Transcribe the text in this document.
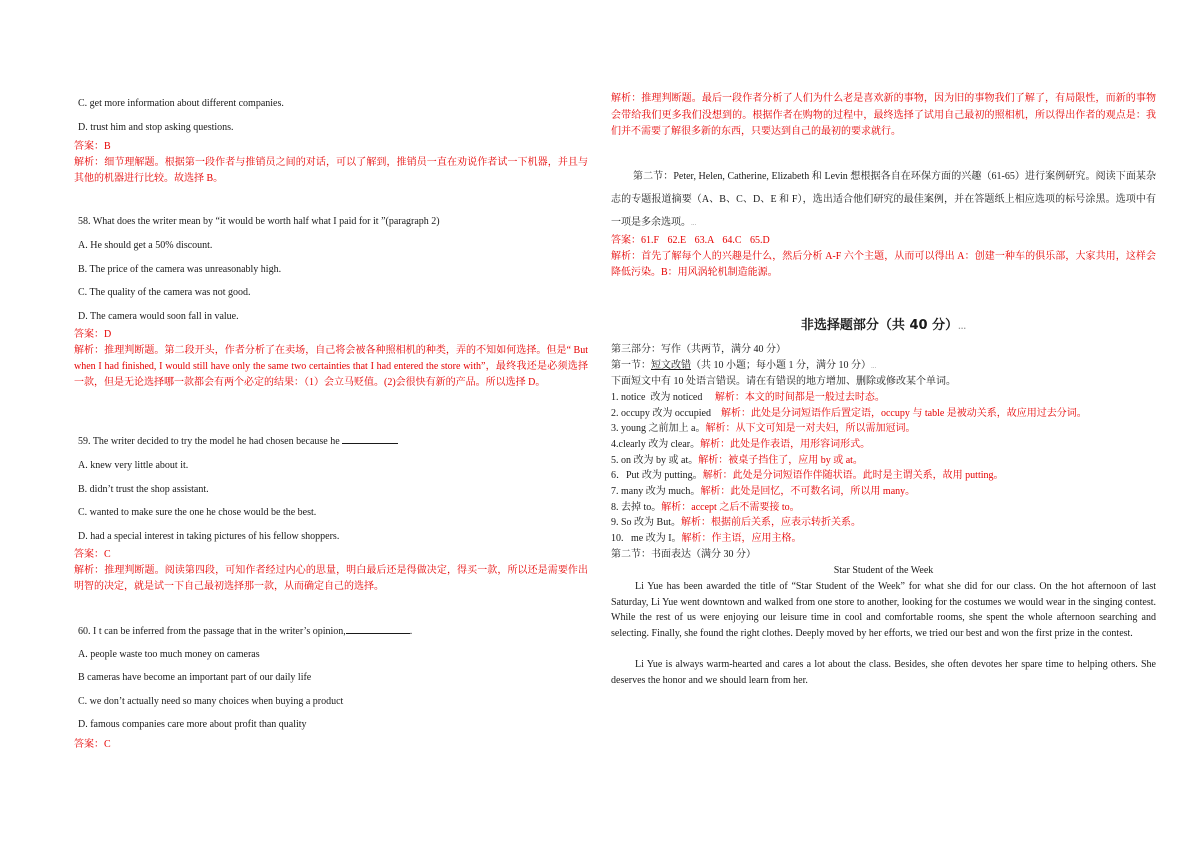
C. get more information about different companies.
D. trust him and stop asking questions.
答案：B
解析：细节理解题。根据第一段作者与推销员之间的对话，可以了解到，推销员一直在劝说作者试一下机器，并且与其他的机器进行比较。故选择 B。
58. What does the writer mean by “it would be worth half what I paid for it ”(paragraph 2)
A. He should get a 50% discount.
B. The price of the camera was unreasonably high.
C. The quality of the camera was not good.
D. The camera would soon fall in value.
答案：D
解析：推理判断题。第二段开头，作者分析了在卖场，自己将会被各种照相机的种类，弄的不知如何选择。但是“ But when I had finished, I would still have only the same two certainties that I had entered the store with”，最终我还是必须选择一款，但是无论选择哪一款都会有两个必定的结果：（1）会立马贬值。(2)会很快有新的产品。所以选择 D。
59. The writer decided to try the model he had chosen because he
A. knew very little about it.
B. didn’t trust the shop assistant.
C. wanted to make sure the one he chose would be the best.
D. had a special interest in taking pictures of his fellow shoppers.
答案：C
解析：推理判断题。阅读第四段，可知作者经过内心的思量，明白最后还是得做决定，得买一款，所以还是需要作出明智的决定，就是试一下自己最初选择那一款，从而确定自己的选择。
60. I t can be inferred from the passage that in the writer’s opinion,	.
A. people waste too much money on cameras
B cameras have become an important part of our daily life
C. we don’t actually need so many choices when buying a product
D. famous companies care more about profit than quality
答案：C
解析：推理判断题。最后一段作者分析了人们为什么老是喜欢新的事物，因为旧的事物我们了解了，有局限性，而新的事物会带给我们更多我们没想到的。根据作者在购物的过程中，最终选择了试用自己最初的照相机，所以得出作者的观点是：我们并不需要了解很多新的东西，只要达到自己的最初的要求就行。
第二节：Peter, Helen, Catherine, Elizabeth 和 Levin 想根据各自在环保方面的兴趣（61-65）进行案例研究。阅读下面某杂志的专题报道摘要（A、B、C、D、E 和 F），选出适合他们研究的最佳案例，并在答题纸上相应选项的标号涂黑。选项中有一项是多余选项。...
答案：61.F 62.E 63.A 64.C 65.D
解析：首先了解每个人的兴趣是什么，然后分析 A-F 六个主题，从而可以得出 A：创建一种车的俱乐部，大家共用，这样会降低污染。B：用风涡轮机制造能源。
非选择题部分（共 40 分）...
第三部分：写作（共两节，满分 40 分）
第一节：短文改错（共 10 小题；每小题 1 分，满分 10 分）...
下面短文中有 10 处语言错误。请在有错误的地方增加、删除或修改某个单词。
1. notice  改为 noticed     解析：本文的时间都是一般过去时态。
2. occupy 改为 occupied    解析：此处是分词短语作后置定语，occupy 与 table 是被动关系，故应用过去分词。
3. young 之前加上 a。解析：从下文可知是一对夫妇，所以需加冠词。
4.clearly 改为 clear。解析：此处是作表语，用形容词形式。
5. on 改为 by 或 at。解析：被桌子挡住了，应用 by 或 at。
6．Put 改为 putting。解析：此处是分词短语作伴随状语。此时是主谓关系，故用 putting。
7. many 改为 much。解析：此处是回忆，不可数名词，所以用 many。
8. 去掉 to。解析：accept 之后不需要接 to。
9. So 改为 But。解析：根据前后关系，应表示转折关系。
10.   me 改为 I。解析：作主语，应用主格。
第二节：书面表达（满分 30 分）
Star Student of the Week
Li Yue has been awarded the title of “Star Student of the Week” for what she did for our class. On the hot afternoon of last Saturday, Li Yue went downtown and walked from one store to another, looking for the costumes we would wear in the singing contest. While the rest of us were enjoying our leisure time in cool and comfortable rooms, she spent the whole afternoon searching and selecting. Finally, she found the right clothes. Deeply moved by her efforts, we tried our best and won the first prize in the contest.
Li Yue is always warm-hearted and cares a lot about the class. Besides, she often devotes her spare time to helping others. She deserves the honor and we should learn from her.
